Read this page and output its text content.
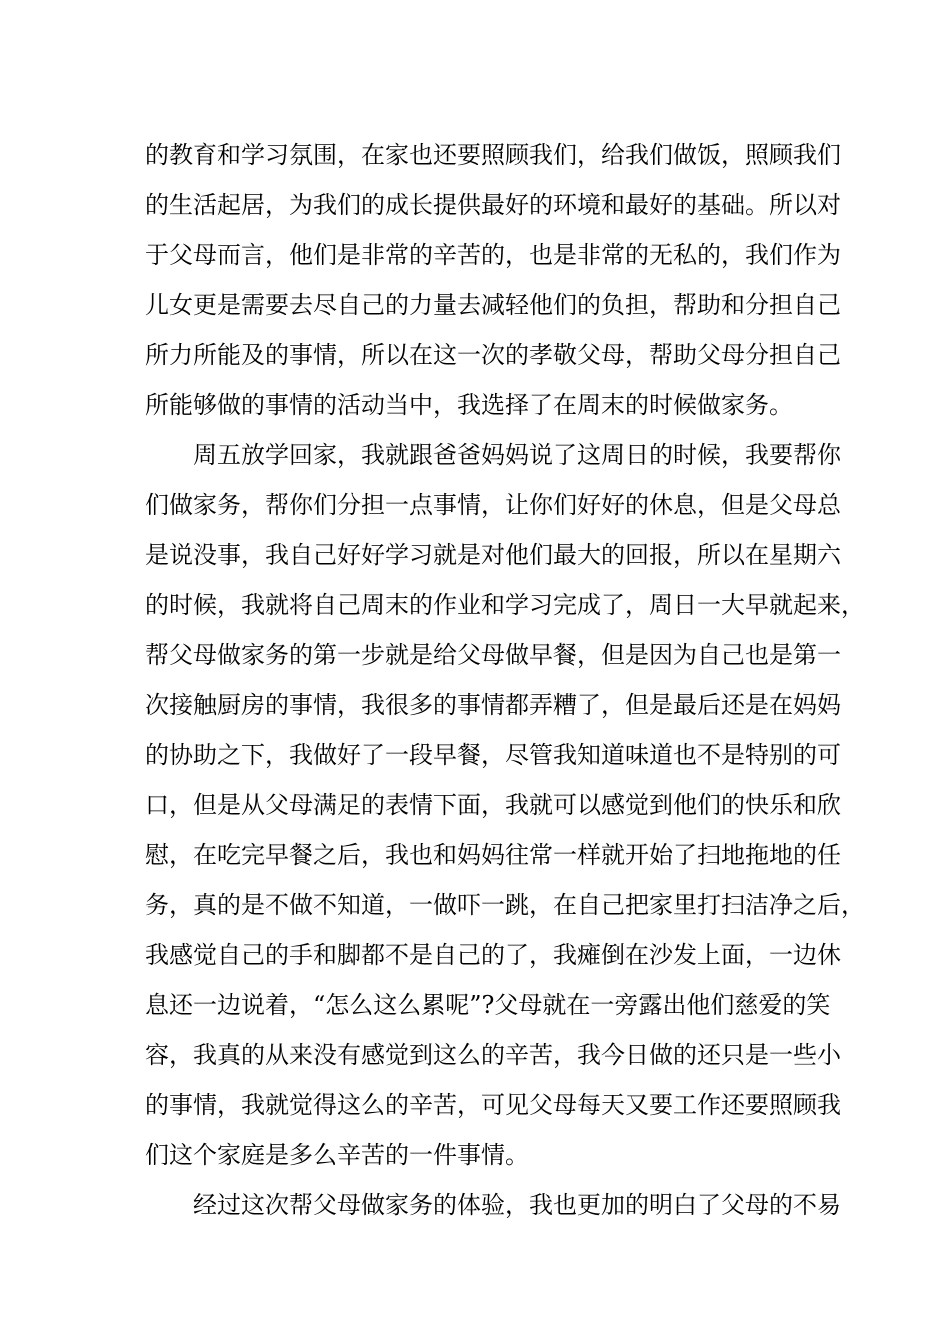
的教育和学习氛围，在家也还要照顾我们，给我们做饭，照顾我们
的生活起居，为我们的成长提供最好的环境和最好的基础。所以对
于父母而言，他们是非常的辛苦的，也是非常的无私的，我们作为
儿女更是需要去尽自己的力量去减轻他们的负担，帮助和分担自己
所力所能及的事情，所以在这一次的孝敬父母，帮助父母分担自己
所能够做的事情的活动当中，我选择了在周末的时候做家务。
周五放学回家，我就跟爸爸妈妈说了这周日的时候，我要帮你
们做家务，帮你们分担一点事情，让你们好好的休息，但是父母总
是说没事，我自己好好学习就是对他们最大的回报，所以在星期六
的时候，我就将自己周末的作业和学习完成了，周日一大早就起来，
帮父母做家务的第一步就是给父母做早餐，但是因为自己也是第一
次接触厨房的事情，我很多的事情都弄糟了，但是最后还是在妈妈
的协助之下，我做好了一段早餐，尽管我知道味道也不是特别的可
口，但是从父母满足的表情下面，我就可以感觉到他们的快乐和欣
慰，在吃完早餐之后，我也和妈妈往常一样就开始了扫地拖地的任
务，真的是不做不知道，一做吓一跳，在自己把家里打扫洁净之后，
我感觉自己的手和脚都不是自己的了，我瘫倒在沙发上面，一边休
息还一边说着，“怎么这么累呢”?父母就在一旁露出他们慈爱的笑
容，我真的从来没有感觉到这么的辛苦，我今日做的还只是一些小
的事情，我就觉得这么的辛苦，可见父母每天又要工作还要照顾我
们这个家庭是多么辛苦的一件事情。
经过这次帮父母做家务的体验，我也更加的明白了父母的不易
